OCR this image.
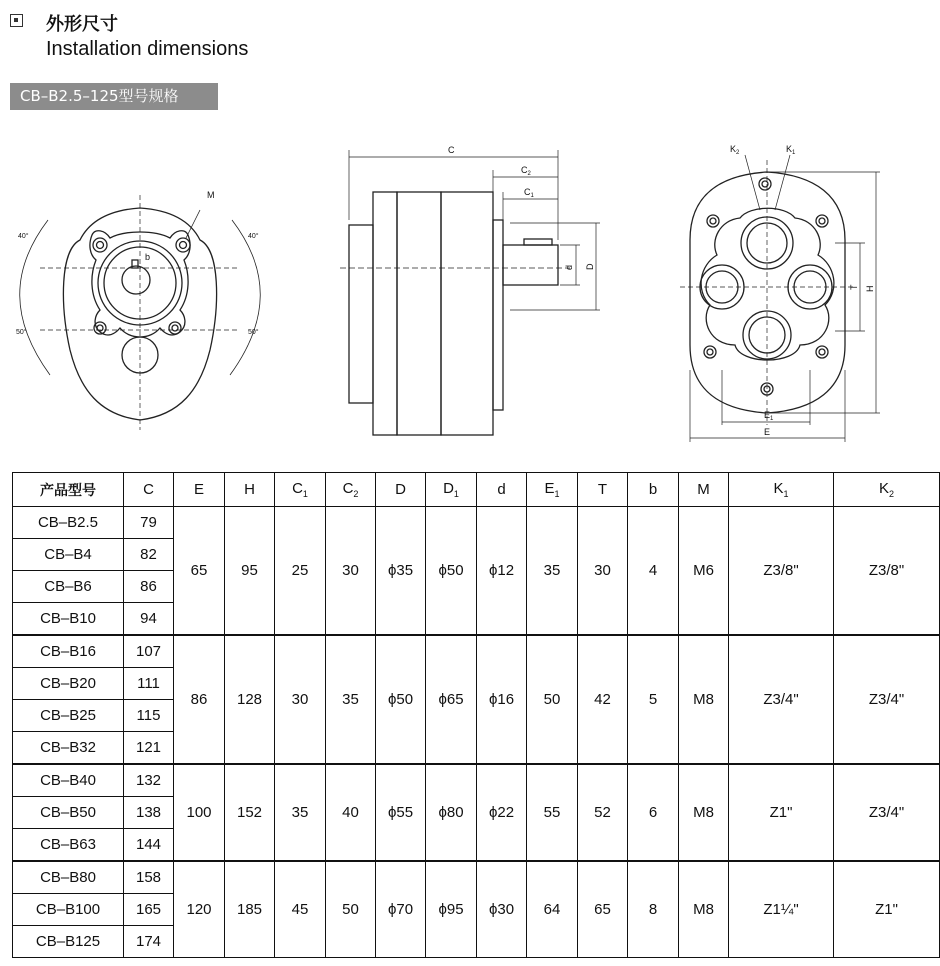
外形尺寸
Installation dimensions
CB–B2.5–125型号规格
M
b
40°	40°
50°	50°
C
$C_2$
$C_1$
d D
$K_2$	$K_1$
H
T
$E_1$
E
产品型号	C	E	H	$C_1$	$C_2$	D	$D_1$	d	$E_1$	T	b	M	$K_1$	$K_2$
CB–B2.5	79	65	95	25	30	ϕ35	ϕ50	ϕ12	35	30	4	M6	Z3/8"	Z3/8"
CB–B4	82													
CB–B6	86													
CB–B10	94													
CB–B16	107	86	128	30	35	ϕ50	ϕ65	ϕ16	50	42	5	M8	Z3/4"	Z3/4"
CB–B20	111													
CB–B25	115													
CB–B32	121													
CB–B40	132	100	152	35	40	ϕ55	ϕ80	ϕ22	55	52	6	M8	Z1"	Z3/4"
CB–B50	138													
CB–B63	144													
CB–B80	158	120	185	45	50	ϕ70	ϕ95	ϕ30	64	65	8	M8	Z1¼"	Z1"
CB–B100	165													
CB–B125	174													
